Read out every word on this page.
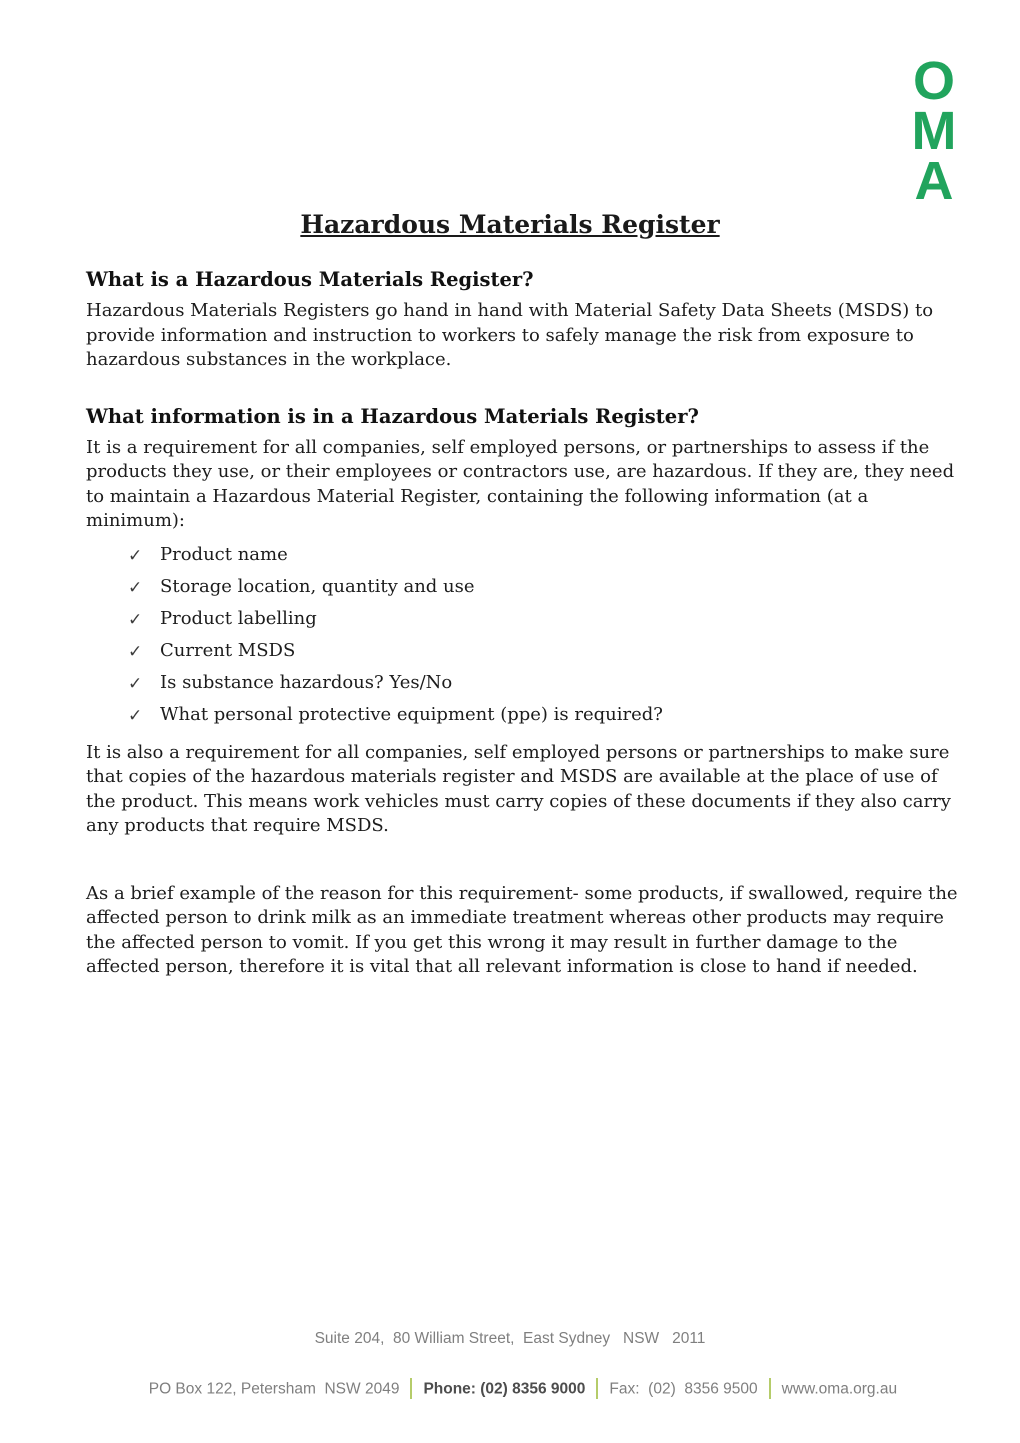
O
M
A
Hazardous Materials Register
What is a Hazardous Materials Register?

Hazardous Materials Registers go hand in hand with Material Safety Data Sheets (MSDS) to provide information and instruction to workers to safely manage the risk from exposure to hazardous substances in the workplace.

What information is in a Hazardous Materials Register?

It is a requirement for all companies, self employed persons, or partnerships to assess if the products they use, or their employees or contractors use, are hazardous. If they are, they need to maintain a Hazardous Material Register, containing the following information (at a minimum):

✓ Product name
✓ Storage location, quantity and use
✓ Product labelling
✓ Current MSDS
✓ Is substance hazardous? Yes/No
✓ What personal protective equipment (ppe) is required?

It is also a requirement for all companies, self employed persons or partnerships to make sure that copies of the hazardous materials register and MSDS are available at the place of use of the product. This means work vehicles must carry copies of these documents if they also carry any products that require MSDS.

As a brief example of the reason for this requirement- some products, if swallowed, require the affected person to drink milk as an immediate treatment whereas other products may require the affected person to vomit. If you get this wrong it may result in further damage to the affected person, therefore it is vital that all relevant information is close to hand if needed.

Suite 204,  80 William Street,  East Sydney   NSW   2011

PO Box 122, Petersham  NSW 2049 Phone: (02) 8356 9000 Fax:  (02)  8356 9500 www.oma.org.au
